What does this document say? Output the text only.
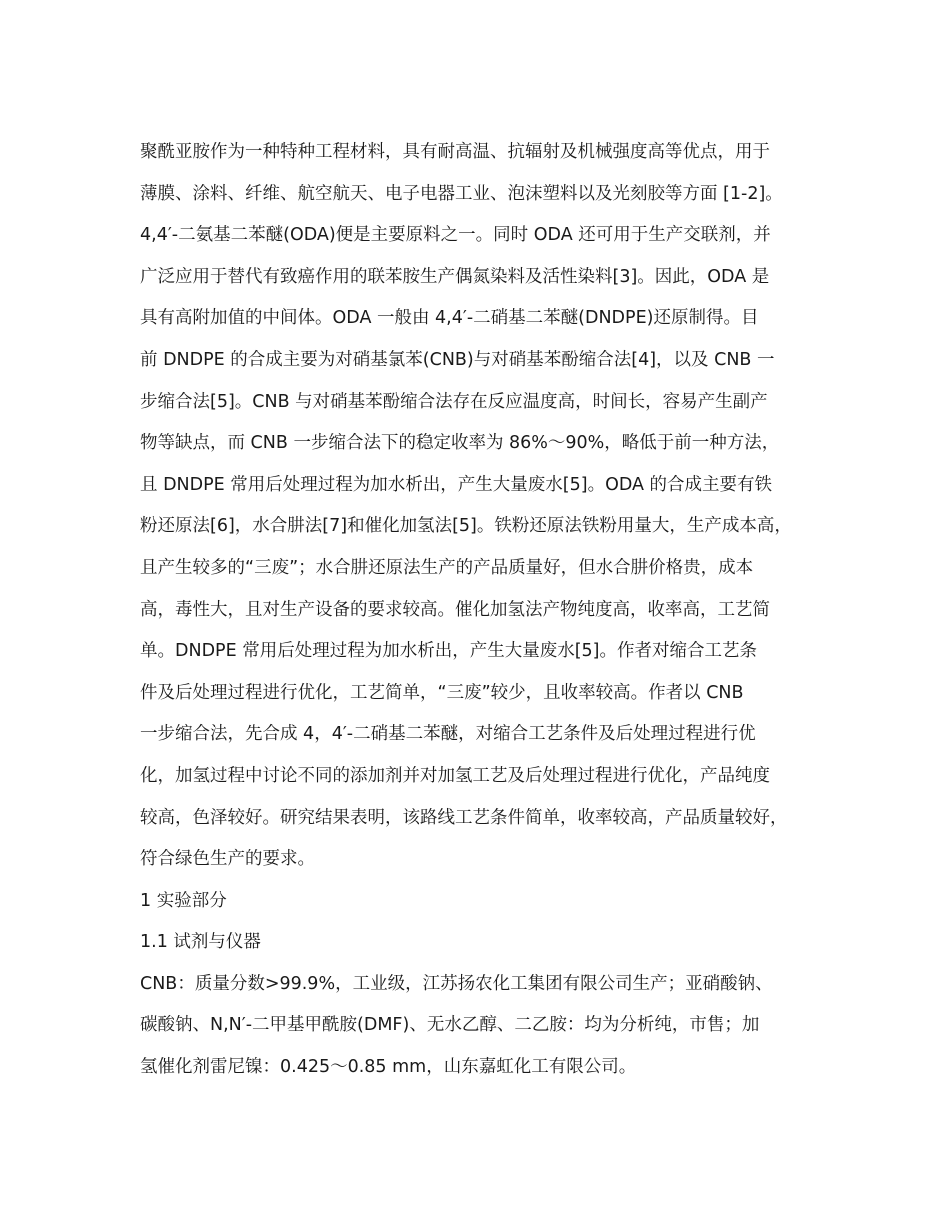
聚酰亚胺作为一种特种工程材料，具有耐高温、抗辐射及机械强度高等优点，用于
薄膜、涂料、纤维、航空航天、电子电器工业、泡沫塑料以及光刻胶等方面 [1-2]。
4,4′-二氨基二苯醚(ODA)便是主要原料之一。同时 ODA 还可用于生产交联剂，并
广泛应用于替代有致癌作用的联苯胺生产偶氮染料及活性染料[3]。因此，ODA 是
具有高附加值的中间体。ODA 一般由 4,4′-二硝基二苯醚(DNDPE)还原制得。目
前 DNDPE 的合成主要为对硝基氯苯(CNB)与对硝基苯酚缩合法[4]，以及 CNB 一
步缩合法[5]。CNB 与对硝基苯酚缩合法存在反应温度高，时间长，容易产生副产
物等缺点，而 CNB 一步缩合法下的稳定收率为 86%～90%，略低于前一种方法，
且 DNDPE 常用后处理过程为加水析出，产生大量废水[5]。ODA 的合成主要有铁
粉还原法[6]，水合肼法[7]和催化加氢法[5]。铁粉还原法铁粉用量大，生产成本高，
且产生较多的“三废”；水合肼还原法生产的产品质量好，但水合肼价格贵，成本
高，毒性大，且对生产设备的要求较高。催化加氢法产物纯度高，收率高，工艺简
单。DNDPE 常用后处理过程为加水析出，产生大量废水[5]。作者对缩合工艺条
件及后处理过程进行优化，工艺简单，“三废”较少，且收率较高。作者以 CNB
一步缩合法，先合成 4，4′-二硝基二苯醚，对缩合工艺条件及后处理过程进行优
化，加氢过程中讨论不同的添加剂并对加氢工艺及后处理过程进行优化，产品纯度
较高，色泽较好。研究结果表明，该路线工艺条件简单，收率较高，产品质量较好，
符合绿色生产的要求。
1 实验部分
1.1 试剂与仪器
CNB：质量分数>99.9%，工业级，江苏扬农化工集团有限公司生产；亚硝酸钠、
碳酸钠、N,N′-二甲基甲酰胺(DMF)、无水乙醇、二乙胺：均为分析纯，市售；加
氢催化剂雷尼镍：0.425～0.85 mm，山东嘉虹化工有限公司。
